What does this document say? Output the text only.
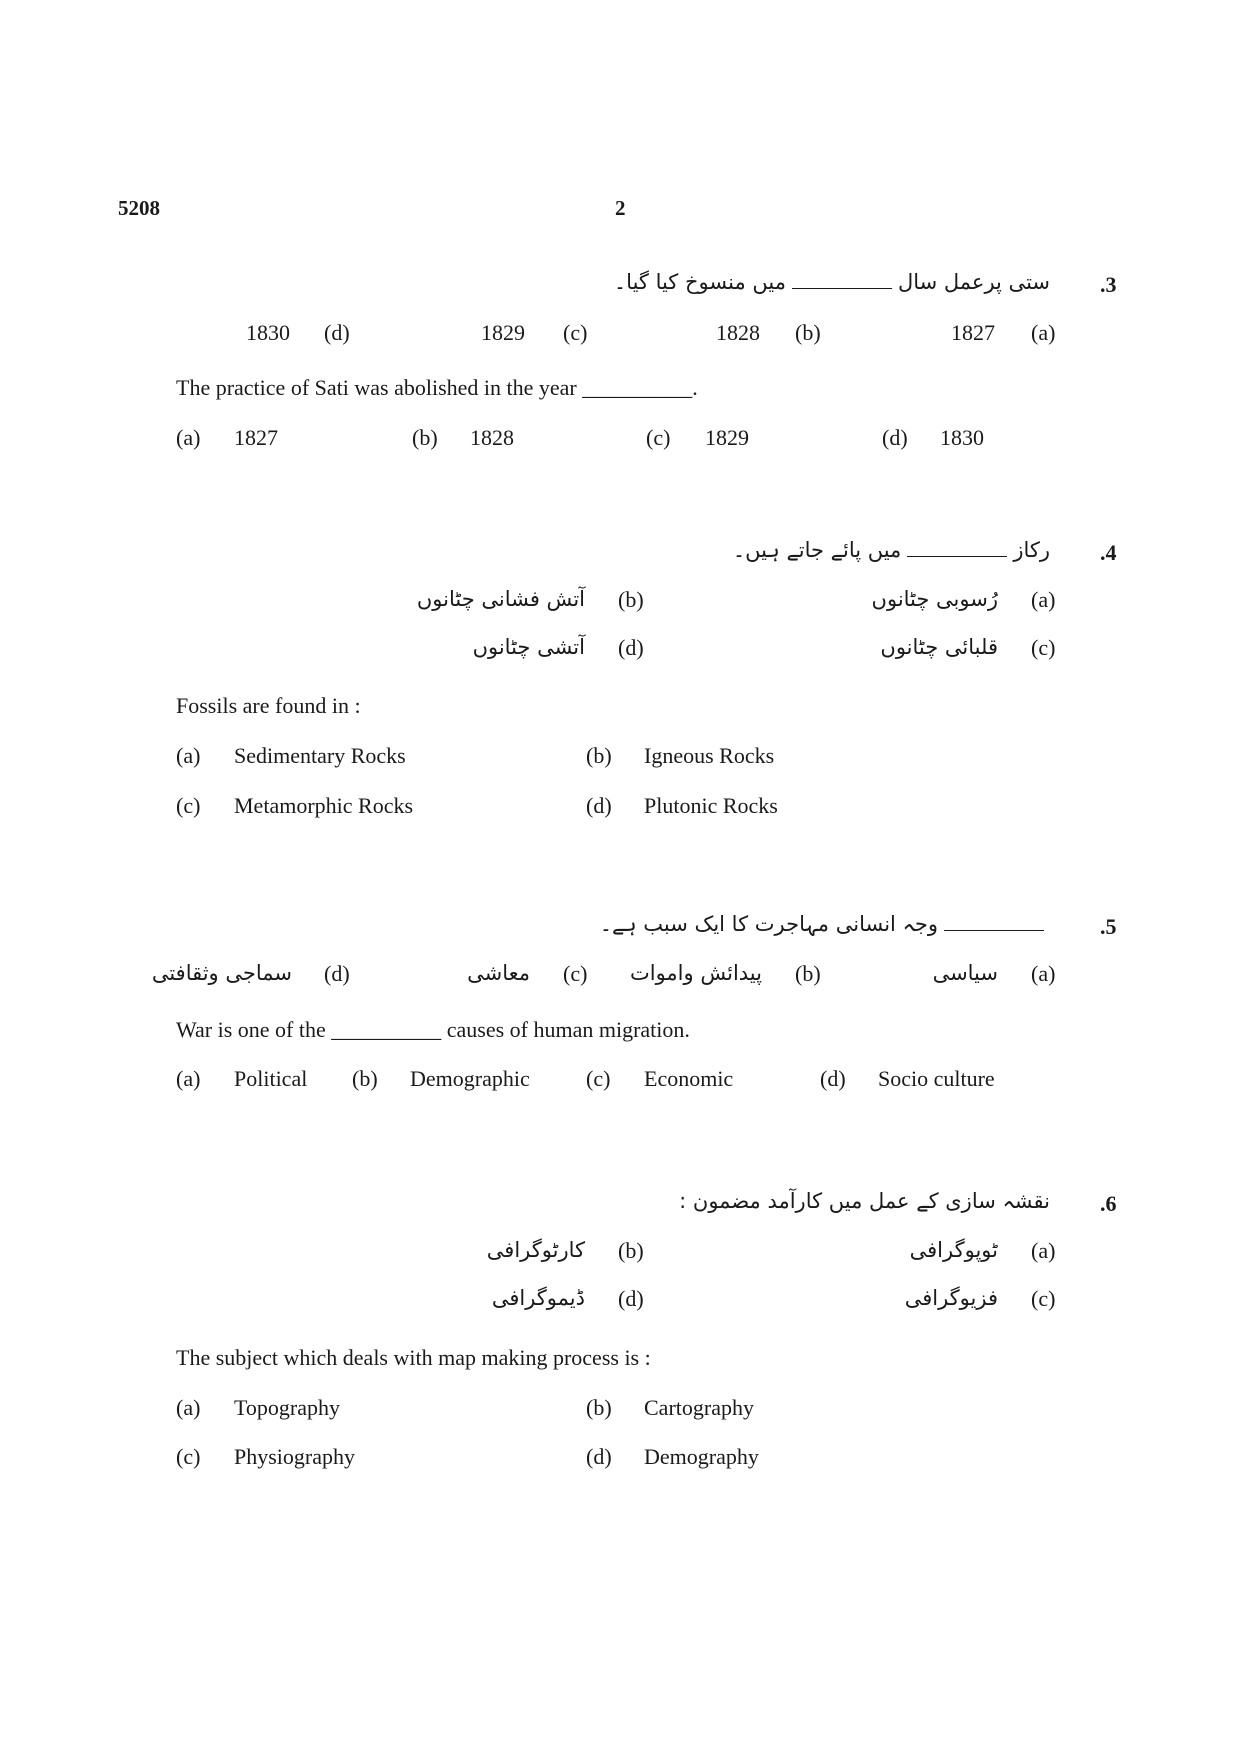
5208	2
.3
ستی پرعمل سالمیں منسوخ کیا گیا۔
(a)
1827
(b)
1828
(c)
1829
(d)
1830
The practice of Sati was abolished in the year __________.
(a) 1827	(b) 1828	(c) 1829	(d) 1830
.4
رکازمیں پائے جاتے ہیں۔
(a)
رُسوبی چٹانوں
(b)
آتش فشانی چٹانوں
(c)
قلبائی چٹانوں
(d)
آتشی چٹانوں
Fossils are found in :
(a) Sedimentary Rocks	(b) Igneous Rocks
(c) Metamorphic Rocks	(d) Plutonic Rocks
.5
وجہ انسانی مہاجرت کا ایک سبب ہے۔
(a)
سیاسی
(b)
پیدائش واموات
(c)
معاشی
(d)
سماجی وثقافتی
War is one of the __________ causes of human migration.
(a) Political (b) Demographic	(c) Economic	(d) Socio culture
.6
نقشہ سازی کے عمل میں کارآمد مضمون :
(a)
ٹوپوگرافی
(b)
کارٹوگرافی
(c)
فزیوگرافی
(d)
ڈیموگرافی
The subject which deals with map making process is :
(a) Topography	(b) Cartography
(c) Physiography	(d) Demography
